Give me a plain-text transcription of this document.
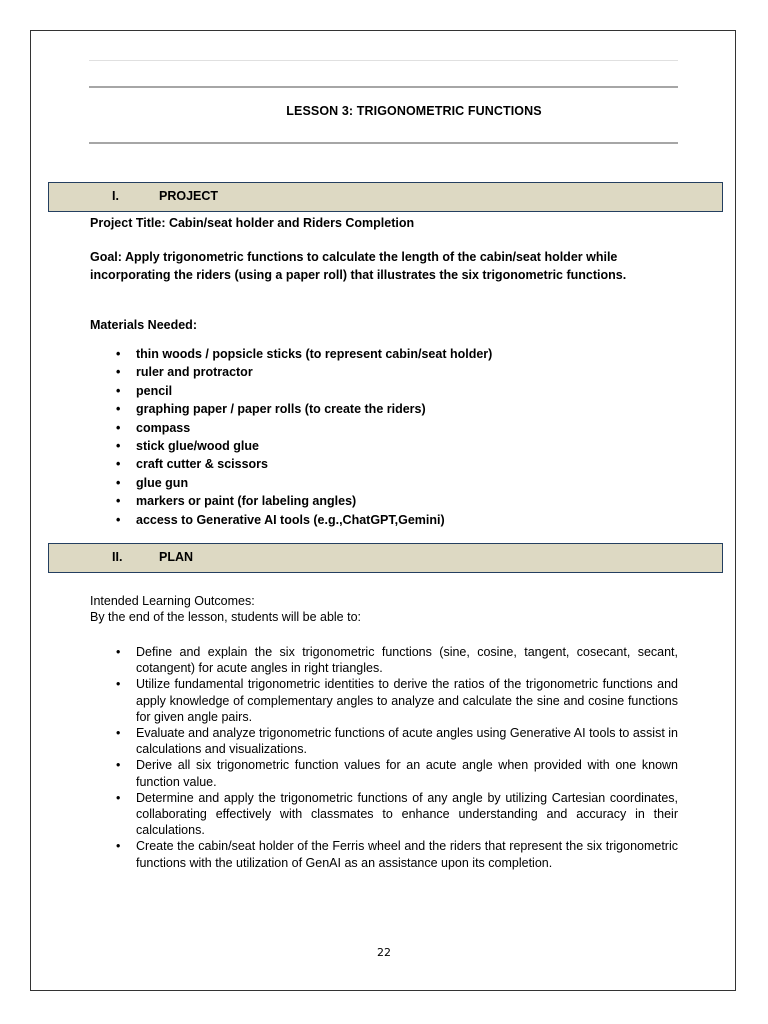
LESSON 3: TRIGONOMETRIC FUNCTIONS
I.	PROJECT
Project Title: Cabin/seat holder and Riders Completion
Goal: Apply trigonometric functions to calculate the length of the cabin/seat holder while incorporating the riders (using a paper roll) that illustrates the six trigonometric functions.
Materials Needed:
• thin woods / popsicle sticks (to represent cabin/seat holder)
• ruler and protractor
• pencil
• graphing paper / paper rolls (to create the riders)
• compass
• stick glue/wood glue
• craft cutter & scissors
• glue gun
• markers or paint (for labeling angles)
• access to Generative AI tools (e.g.,ChatGPT,Gemini)
II.	PLAN
Intended Learning Outcomes:
By the end of the lesson, students will be able to:
• Define and explain the six trigonometric functions (sine, cosine, tangent, cosecant, secant, cotangent) for acute angles in right triangles.
• Utilize fundamental trigonometric identities to derive the ratios of the trigonometric functions and apply knowledge of complementary angles to analyze and calculate the sine and cosine functions for given angle pairs.
• Evaluate and analyze trigonometric functions of acute angles using Generative AI tools to assist in calculations and visualizations.
• Derive all six trigonometric function values for an acute angle when provided with one known function value.
• Determine and apply the trigonometric functions of any angle by utilizing Cartesian coordinates, collaborating effectively with classmates to enhance understanding and accuracy in their calculations.
• Create the cabin/seat holder of the Ferris wheel and the riders that represent the six trigonometric functions with the utilization of GenAI as an assistance upon its completion.
22
